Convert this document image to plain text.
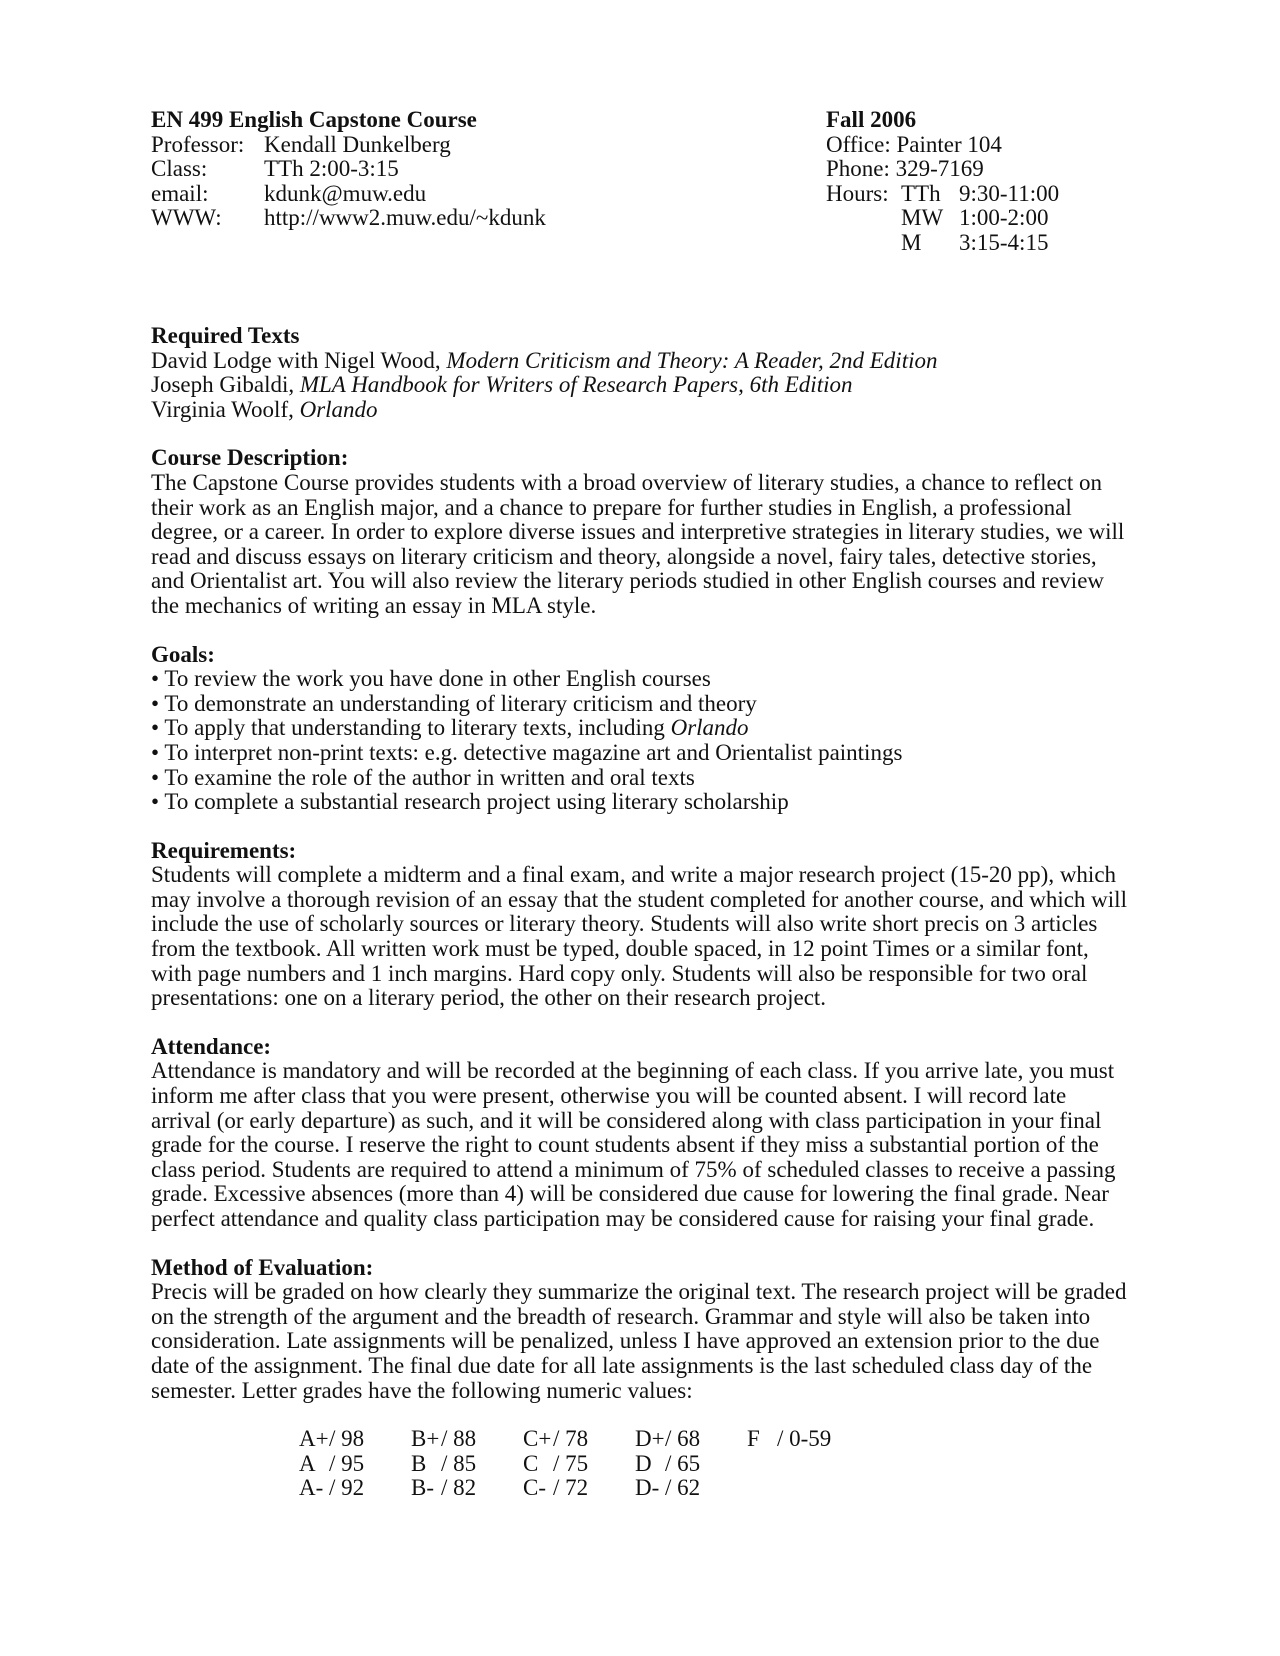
EN 499 English Capstone Course
Professor: Kendall Dunkelberg
Class: TTh 2:00-3:15
email: kdunk@muw.edu
WWW: http://www2.muw.edu/~kdunk
Fall 2006
Office: Painter 104
Phone: 329-7169
Hours: TTh 9:30-11:00
MW 1:00-2:00
M 3:15-4:15
Required Texts
David Lodge with Nigel Wood, Modern Criticism and Theory: A Reader, 2nd Edition
Joseph Gibaldi, MLA Handbook for Writers of Research Papers, 6th Edition
Virginia Woolf, Orlando
Course Description:
The Capstone Course provides students with a broad overview of literary studies, a chance to reflect on their work as an English major, and a chance to prepare for further studies in English, a professional degree, or a career. In order to explore diverse issues and interpretive strategies in literary studies, we will read and discuss essays on literary criticism and theory, alongside a novel, fairy tales, detective stories, and Orientalist art. You will also review the literary periods studied in other English courses and review the mechanics of writing an essay in MLA style.
Goals:
• To review the work you have done in other English courses
• To demonstrate an understanding of literary criticism and theory
• To apply that understanding to literary texts, including Orlando
• To interpret non-print texts: e.g. detective magazine art and Orientalist paintings
• To examine the role of the author in written and oral texts
• To complete a substantial research project using literary scholarship
Requirements:
Students will complete a midterm and a final exam, and write a major research project (15-20 pp), which may involve a thorough revision of an essay that the student completed for another course, and which will include the use of scholarly sources or literary theory. Students will also write short precis on 3 articles from the textbook. All written work must be typed, double spaced, in 12 point Times or a similar font, with page numbers and 1 inch margins. Hard copy only. Students will also be responsible for two oral presentations: one on a literary period, the other on their research project.
Attendance:
Attendance is mandatory and will be recorded at the beginning of each class. If you arrive late, you must inform me after class that you were present, otherwise you will be counted absent. I will record late arrival (or early departure) as such, and it will be considered along with class participation in your final grade for the course. I reserve the right to count students absent if they miss a substantial portion of the class period. Students are required to attend a minimum of 75% of scheduled classes to receive a passing grade. Excessive absences (more than 4) will be considered due cause for lowering the final grade. Near perfect attendance and quality class participation may be considered cause for raising your final grade.
Method of Evaluation:
Precis will be graded on how clearly they summarize the original text. The research project will be graded on the strength of the argument and the breadth of research. Grammar and style will also be taken into consideration. Late assignments will be penalized, unless I have approved an extension prior to the due date of the assignment. The final due date for all late assignments is the last scheduled class day of the semester. Letter grades have the following numeric values:
A+/ 98 B+/ 88 C+/ 78 D+/ 68 F / 0-59
A / 95 B / 85 C / 75 D / 65
A- / 92 B- / 82 C- / 72 D- / 62
